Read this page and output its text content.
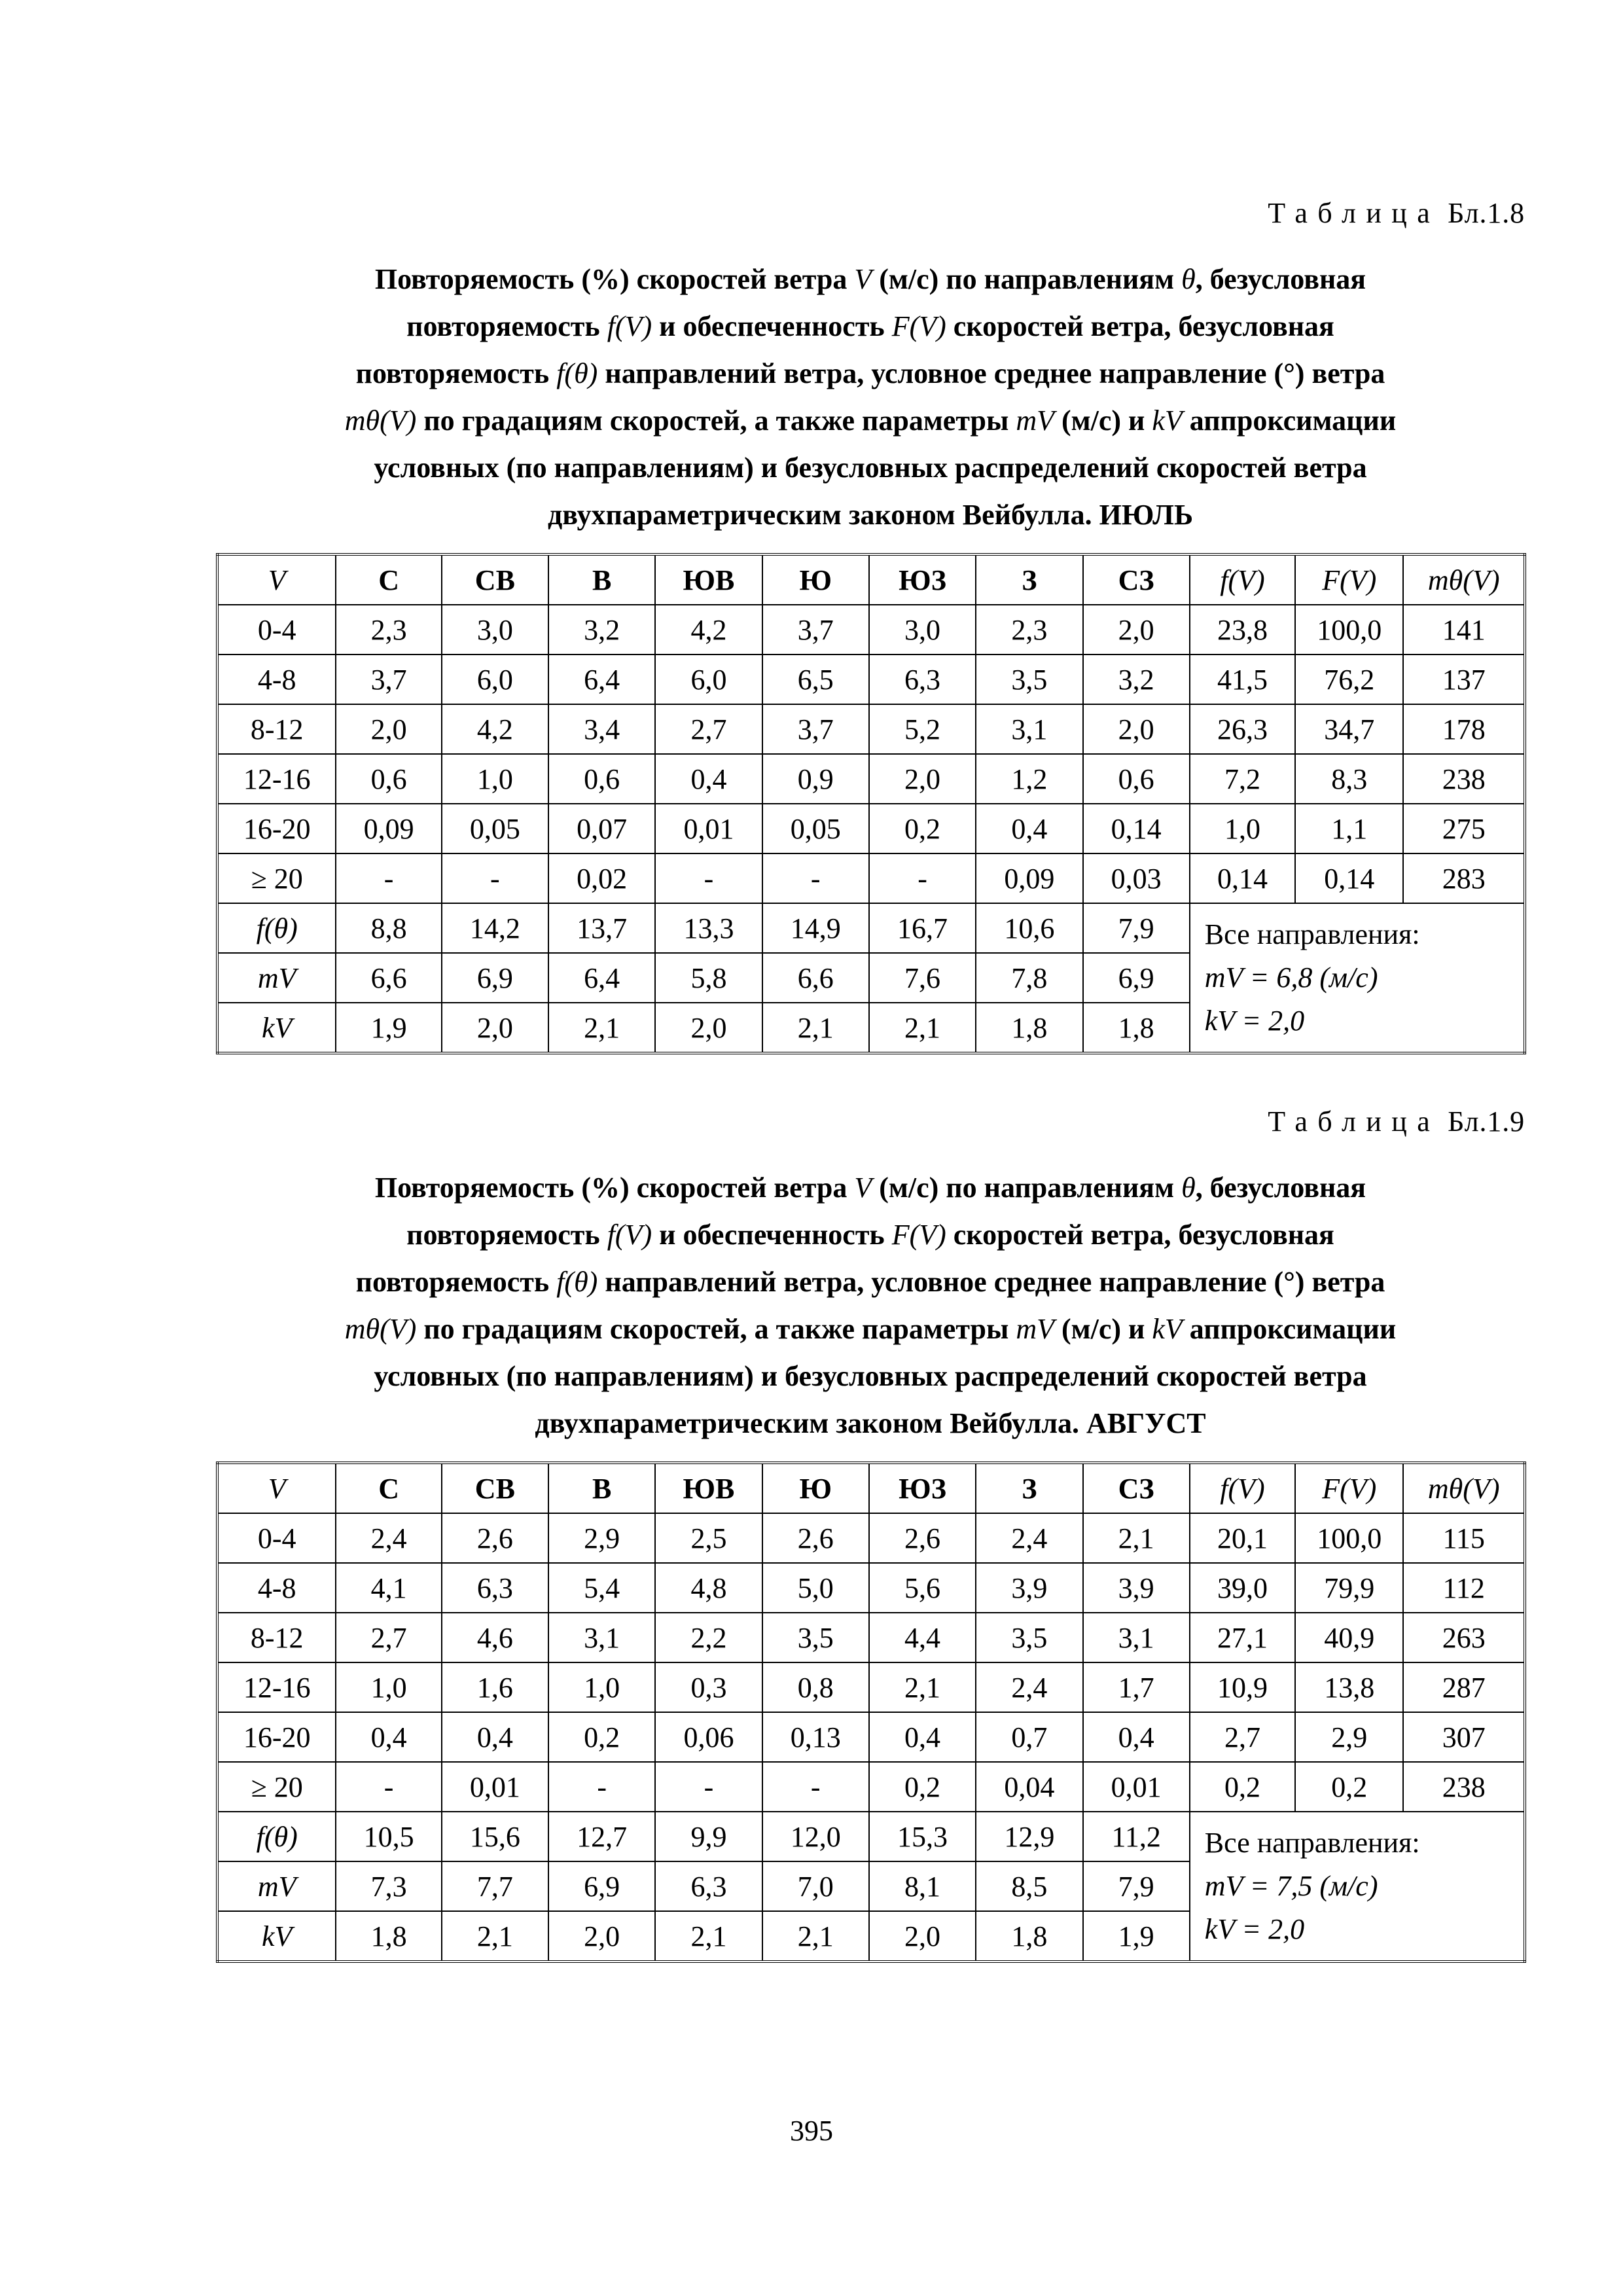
Таблица Бл.1.8
Повторяемость (%) скоростей ветра V (м/с) по направлениям θ, безусловная
повторяемость f(V) и обеспеченность F(V) скоростей ветра, безусловная
повторяемость f(θ) направлений ветра, условное среднее направление (°) ветра
mθ(V) по градациям скоростей, а также параметры mV (м/с) и kV аппроксимации
условных (по направлениям) и безусловных распределений скоростей ветра
двухпараметрическим законом Вейбулла. ИЮЛЬ
V	С	СВ	В	ЮВ	Ю	ЮЗ	З	СЗ	f(V)	F(V)	mθ(V)
0-4	2,3	3,0	3,2	4,2	3,7	3,0	2,3	2,0	23,8	100,0	141
4-8	3,7	6,0	6,4	6,0	6,5	6,3	3,5	3,2	41,5	76,2	137
8-12	2,0	4,2	3,4	2,7	3,7	5,2	3,1	2,0	26,3	34,7	178
12-16	0,6	1,0	0,6	0,4	0,9	2,0	1,2	0,6	7,2	8,3	238
16-20	0,09	0,05	0,07	0,01	0,05	0,2	0,4	0,14	1,0	1,1	275
≥ 20	-	-	0,02	-	-	-	0,09	0,03	0,14	0,14	283
f(θ)	8,8	14,2	13,7	13,3	14,9	16,7	10,6	7,9	Все направления:
mV = 6,8 (м/с)
kV = 2,0		

mV	6,6	6,9	6,4	5,8	6,6	7,6	7,8	6,9			
kV	1,9	2,0	2,1	2,0	2,1	2,1	1,8	1,8			
Таблица Бл.1.9
Повторяемость (%) скоростей ветра V (м/с) по направлениям θ, безусловная
повторяемость f(V) и обеспеченность F(V) скоростей ветра, безусловная
повторяемость f(θ) направлений ветра, условное среднее направление (°) ветра
mθ(V) по градациям скоростей, а также параметры mV (м/с) и kV аппроксимации
условных (по направлениям) и безусловных распределений скоростей ветра
двухпараметрическим законом Вейбулла. АВГУСТ
V	С	СВ	В	ЮВ	Ю	ЮЗ	З	СЗ	f(V)	F(V)	mθ(V)
0-4	2,4	2,6	2,9	2,5	2,6	2,6	2,4	2,1	20,1	100,0	115
4-8	4,1	6,3	5,4	4,8	5,0	5,6	3,9	3,9	39,0	79,9	112
8-12	2,7	4,6	3,1	2,2	3,5	4,4	3,5	3,1	27,1	40,9	263
12-16	1,0	1,6	1,0	0,3	0,8	2,1	2,4	1,7	10,9	13,8	287
16-20	0,4	0,4	0,2	0,06	0,13	0,4	0,7	0,4	2,7	2,9	307
≥ 20	-	0,01	-	-	-	0,2	0,04	0,01	0,2	0,2	238
f(θ)	10,5	15,6	12,7	9,9	12,0	15,3	12,9	11,2	Все направления:
mV = 7,5 (м/с)
kV = 2,0		

mV	7,3	7,7	6,9	6,3	7,0	8,1	8,5	7,9			
kV	1,8	2,1	2,0	2,1	2,1	2,0	1,8	1,9			
395
